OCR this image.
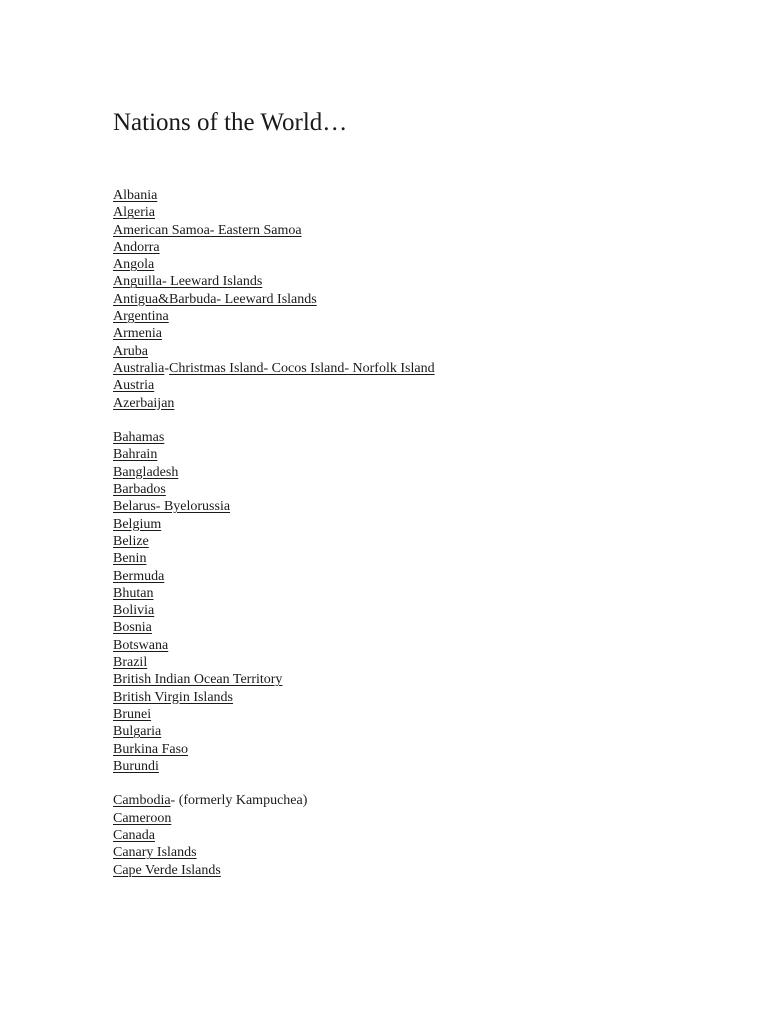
Nations of the World…
Albania
Algeria
American Samoa- Eastern Samoa
Andorra
Angola
Anguilla- Leeward Islands
Antigua&Barbuda- Leeward Islands
Argentina
Armenia
Aruba
Australia-Christmas Island- Cocos Island- Norfolk Island
Austria
Azerbaijan
Bahamas
Bahrain
Bangladesh
Barbados
Belarus- Byelorussia
Belgium
Belize
Benin
Bermuda
Bhutan
Bolivia
Bosnia
Botswana
Brazil
British Indian Ocean Territory
British Virgin Islands
Brunei
Bulgaria
Burkina Faso
Burundi
Cambodia- (formerly Kampuchea)
Cameroon
Canada
Canary Islands
Cape Verde Islands
